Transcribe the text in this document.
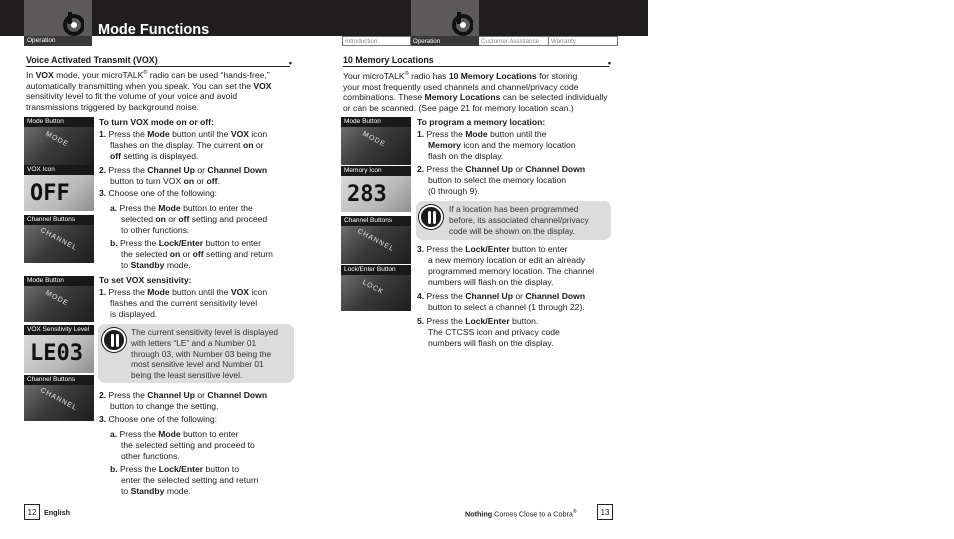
Operation
Mode Functions
Introduction	Operation	Customer Assistance	Warranty
Voice Activated Transmit (VOX)	•
In VOX mode, your microTALK® radio can be used “hands-free,”
automatically transmitting when you speak. You can set the VOX
sensitivity level to fit the volume of your voice and avoid
transmissions triggered by background noise.
Mode Button
MODE
VOX Icon
OFF
Channel Buttons
CHANNEL
Mode Button
MODE
VOX Sensitivity Level
LE03
Channel Buttons
CHANNEL
To turn VOX mode on or off:
1. Press the Mode button until the VOX icon
flashes on the display. The current on or
off setting is displayed.
2. Press the Channel Up or Channel Down
button to turn VOX on or off.
3. Choose one of the following:
a. Press the Mode button to enter the
selected on or off setting and proceed
to other functions.
b. Press the Lock/Enter button to enter
the selected on or off setting and return
to Standby mode.
To set VOX sensitivity:
1. Press the Mode button until the VOX icon
flashes and the current sensitivity level
is displayed.
The current sensitivity level is displayed
with letters “LE” and a Number 01
through 03, with Number 03 being the
most sensitive level and Number 01
being the least sensitive level.
2. Press the Channel Up or Channel Down
button to change the setting.
3. Choose one of the following:
a. Press the Mode button to enter
the selected setting and proceed to
other functions.
b. Press the Lock/Enter button to
enter the selected setting and return
to Standby mode.
12	English
10 Memory Locations	•
Your microTALK® radio has 10 Memory Locations for storing
your most frequently used channels and channel/privacy code
combinations. These Memory Locations can be selected individually
or can be scanned. (See page 21 for memory location scan.)
Mode Button
MODE
Memory Icon
283
Channel Buttons
CHANNEL
Lock/Enter Button
LOCK
To program a memory location:
1. Press the Mode button until the
Memory icon and the memory location
flash on the display.
2. Press the Channel Up or Channel Down
button to select the memory location
(0 through 9).
If a location has been programmed
before, its associated channel/privacy
code will be shown on the display.
3. Press the Lock/Enter button to enter
a new memory location or edit an already
programmed memory location. The channel
numbers will flash on the display.
4. Press the Channel Up or Channel Down
button to select a channel (1 through 22).
5. Press the Lock/Enter button.
The CTCSS icon and privacy code
numbers will flash on the display.
Nothing Comes Close to a Cobra®	13
